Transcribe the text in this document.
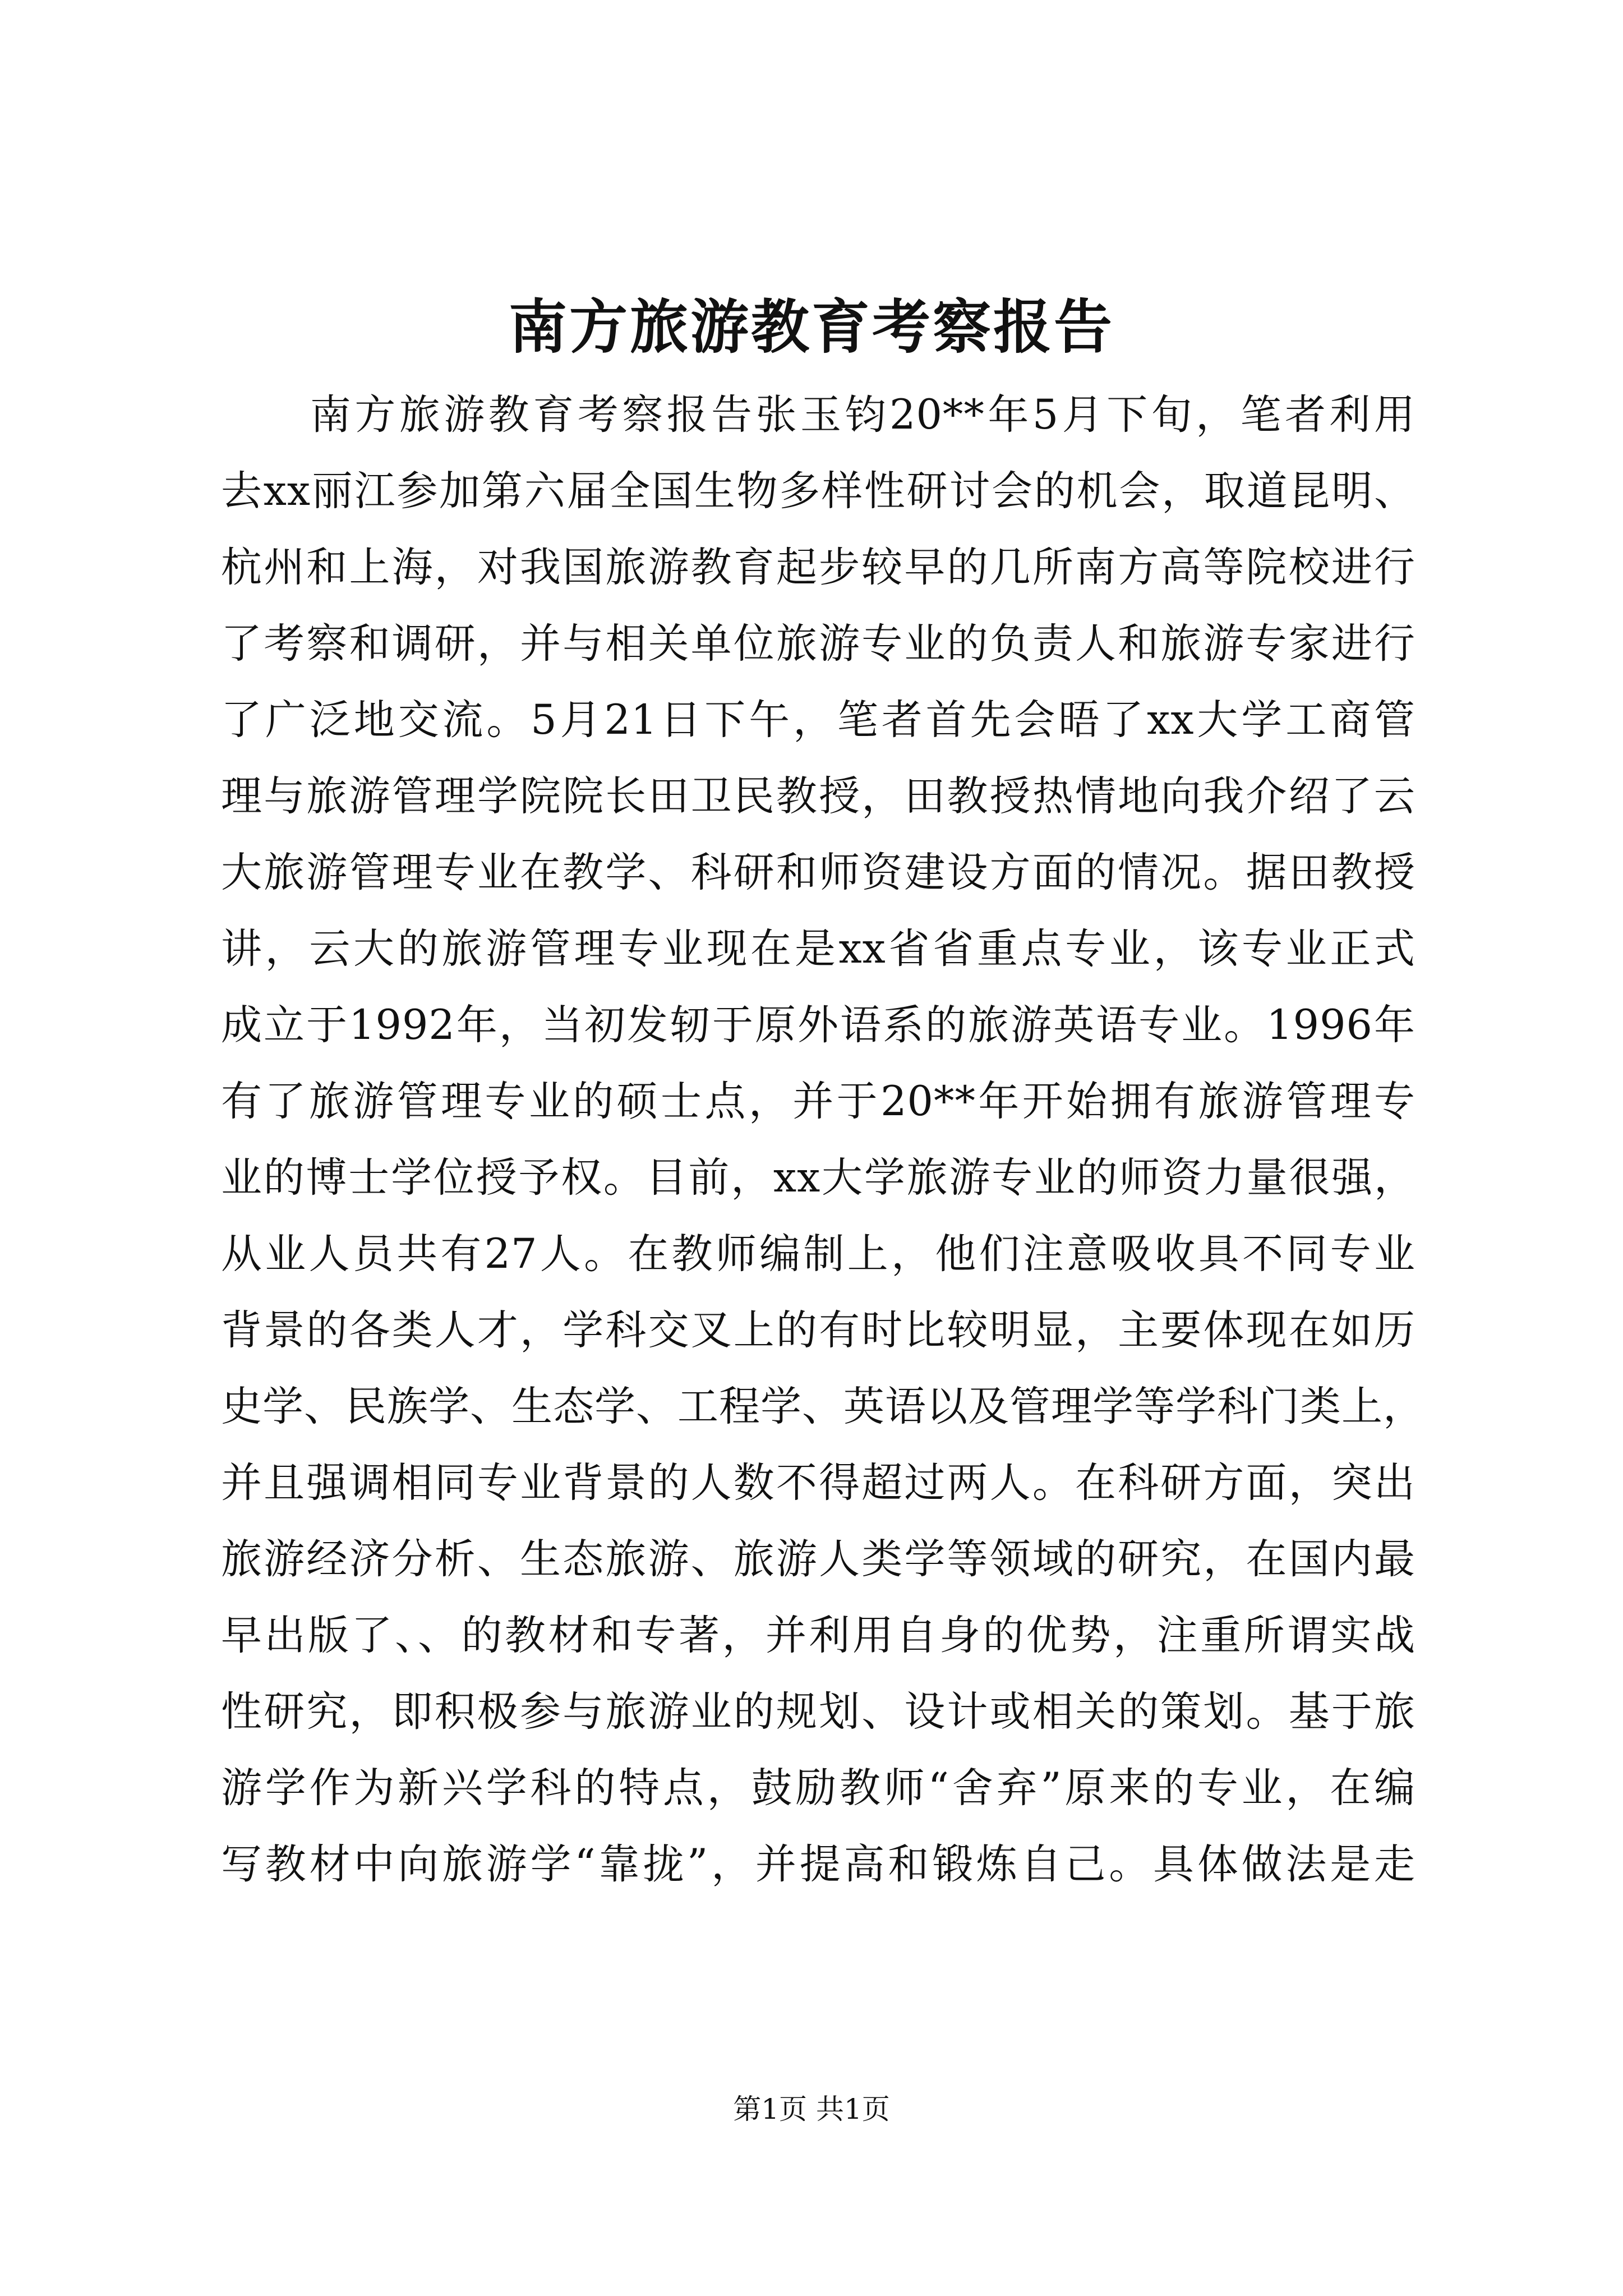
南方旅游教育考察报告
　　南方旅游教育考察报告张玉钧20**年5月下旬，笔者利用
去xx丽江参加第六届全国生物多样性研讨会的机会，取道昆明、
杭州和上海，对我国旅游教育起步较早的几所南方高等院校进行
了考察和调研，并与相关单位旅游专业的负责人和旅游专家进行
了广泛地交流。5月21日下午，笔者首先会晤了xx大学工商管
理与旅游管理学院院长田卫民教授，田教授热情地向我介绍了云
大旅游管理专业在教学、科研和师资建设方面的情况。据田教授
讲，云大的旅游管理专业现在是xx省省重点专业，该专业正式
成立于1992年，当初发轫于原外语系的旅游英语专业。1996年
有了旅游管理专业的硕士点，并于20**年开始拥有旅游管理专
业的博士学位授予权。目前，xx大学旅游专业的师资力量很强，
从业人员共有27人。在教师编制上，他们注意吸收具不同专业
背景的各类人才，学科交叉上的有时比较明显，主要体现在如历
史学、民族学、生态学、工程学、英语以及管理学等学科门类上，
并且强调相同专业背景的人数不得超过两人。在科研方面，突出
旅游经济分析、生态旅游、旅游人类学等领域的研究，在国内最
早出版了、、的教材和专著，并利用自身的优势，注重所谓实战
性研究，即积极参与旅游业的规划、设计或相关的策划。基于旅
游学作为新兴学科的特点，鼓励教师“舍弃”原来的专业，在编
写教材中向旅游学“靠拢”，并提高和锻炼自己。具体做法是走
第1页 共1页
